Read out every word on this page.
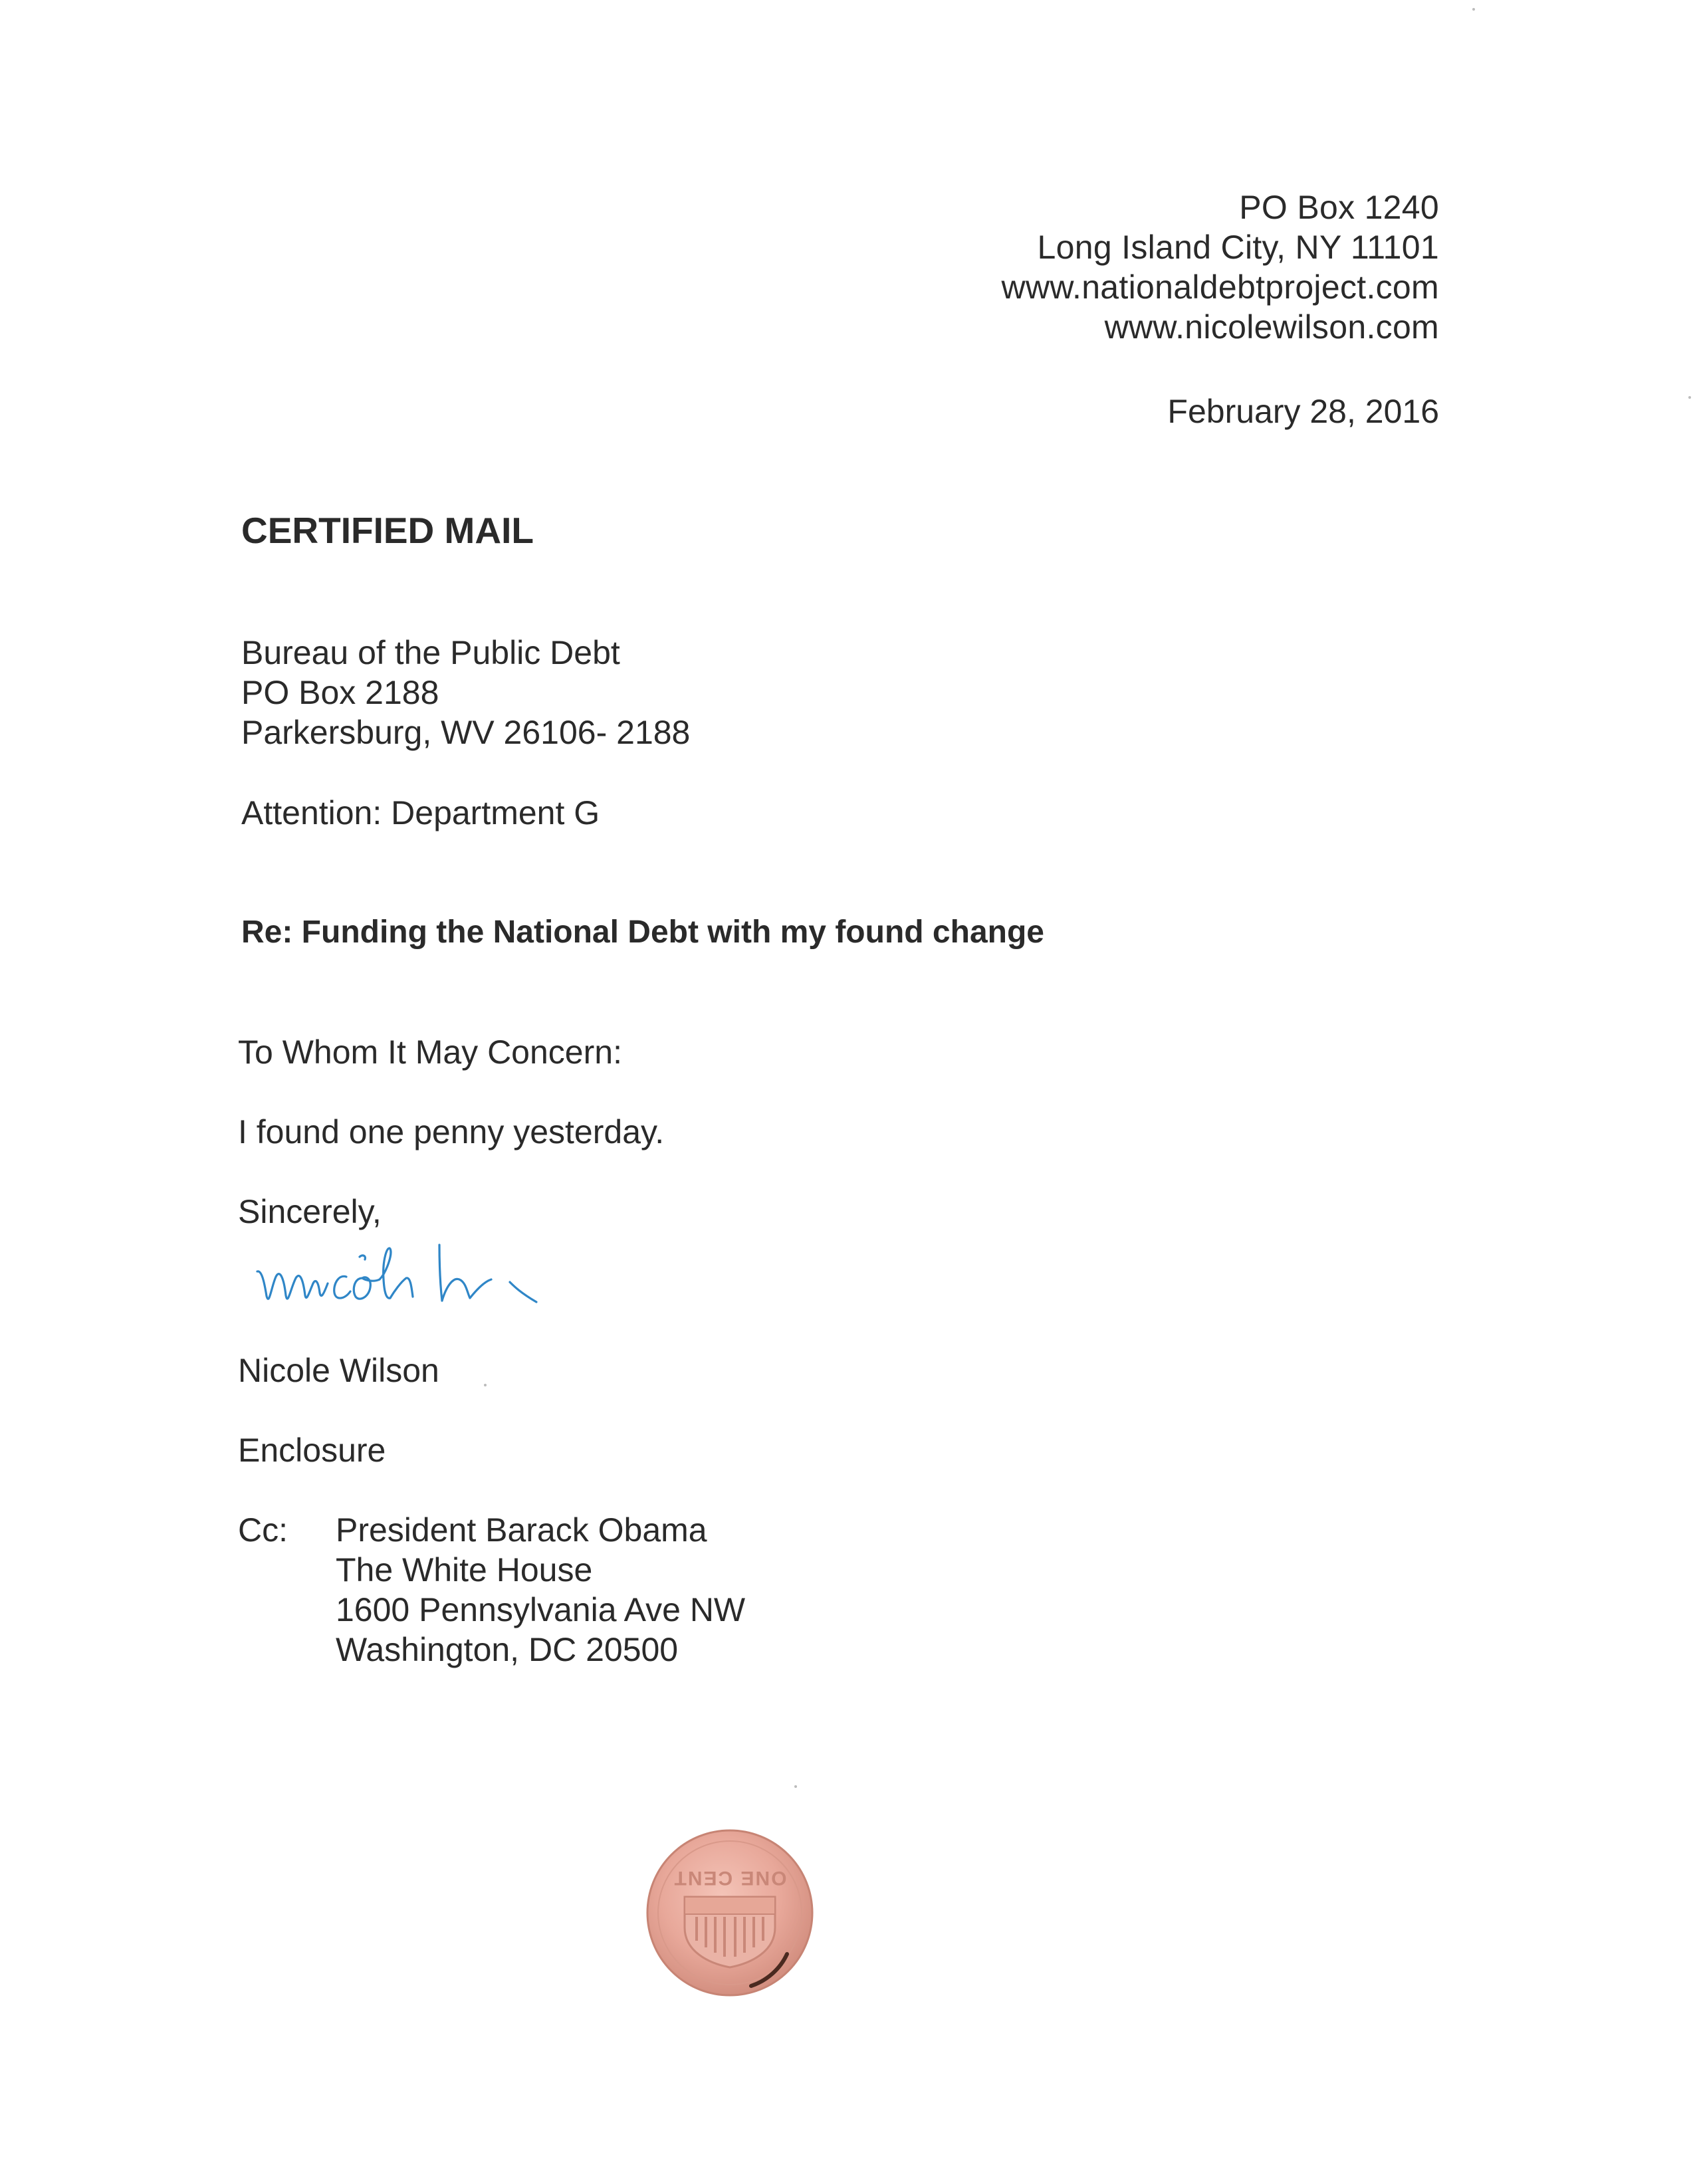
PO Box 1240
Long Island City, NY 11101
www.nationaldebtproject.com
www.nicolewilson.com
February 28, 2016
CERTIFIED MAIL
Bureau of the Public Debt
PO Box 2188
Parkersburg, WV 26106- 2188
Attention: Department G
Re: Funding the National Debt with my found change
To Whom It May Concern:
I found one penny yesterday.
Sincerely,
Nicole Wilson
Enclosure
Cc: President Barack Obama
The White House
1600 Pennsylvania Ave NW
Washington, DC 20500
ONE CENT
